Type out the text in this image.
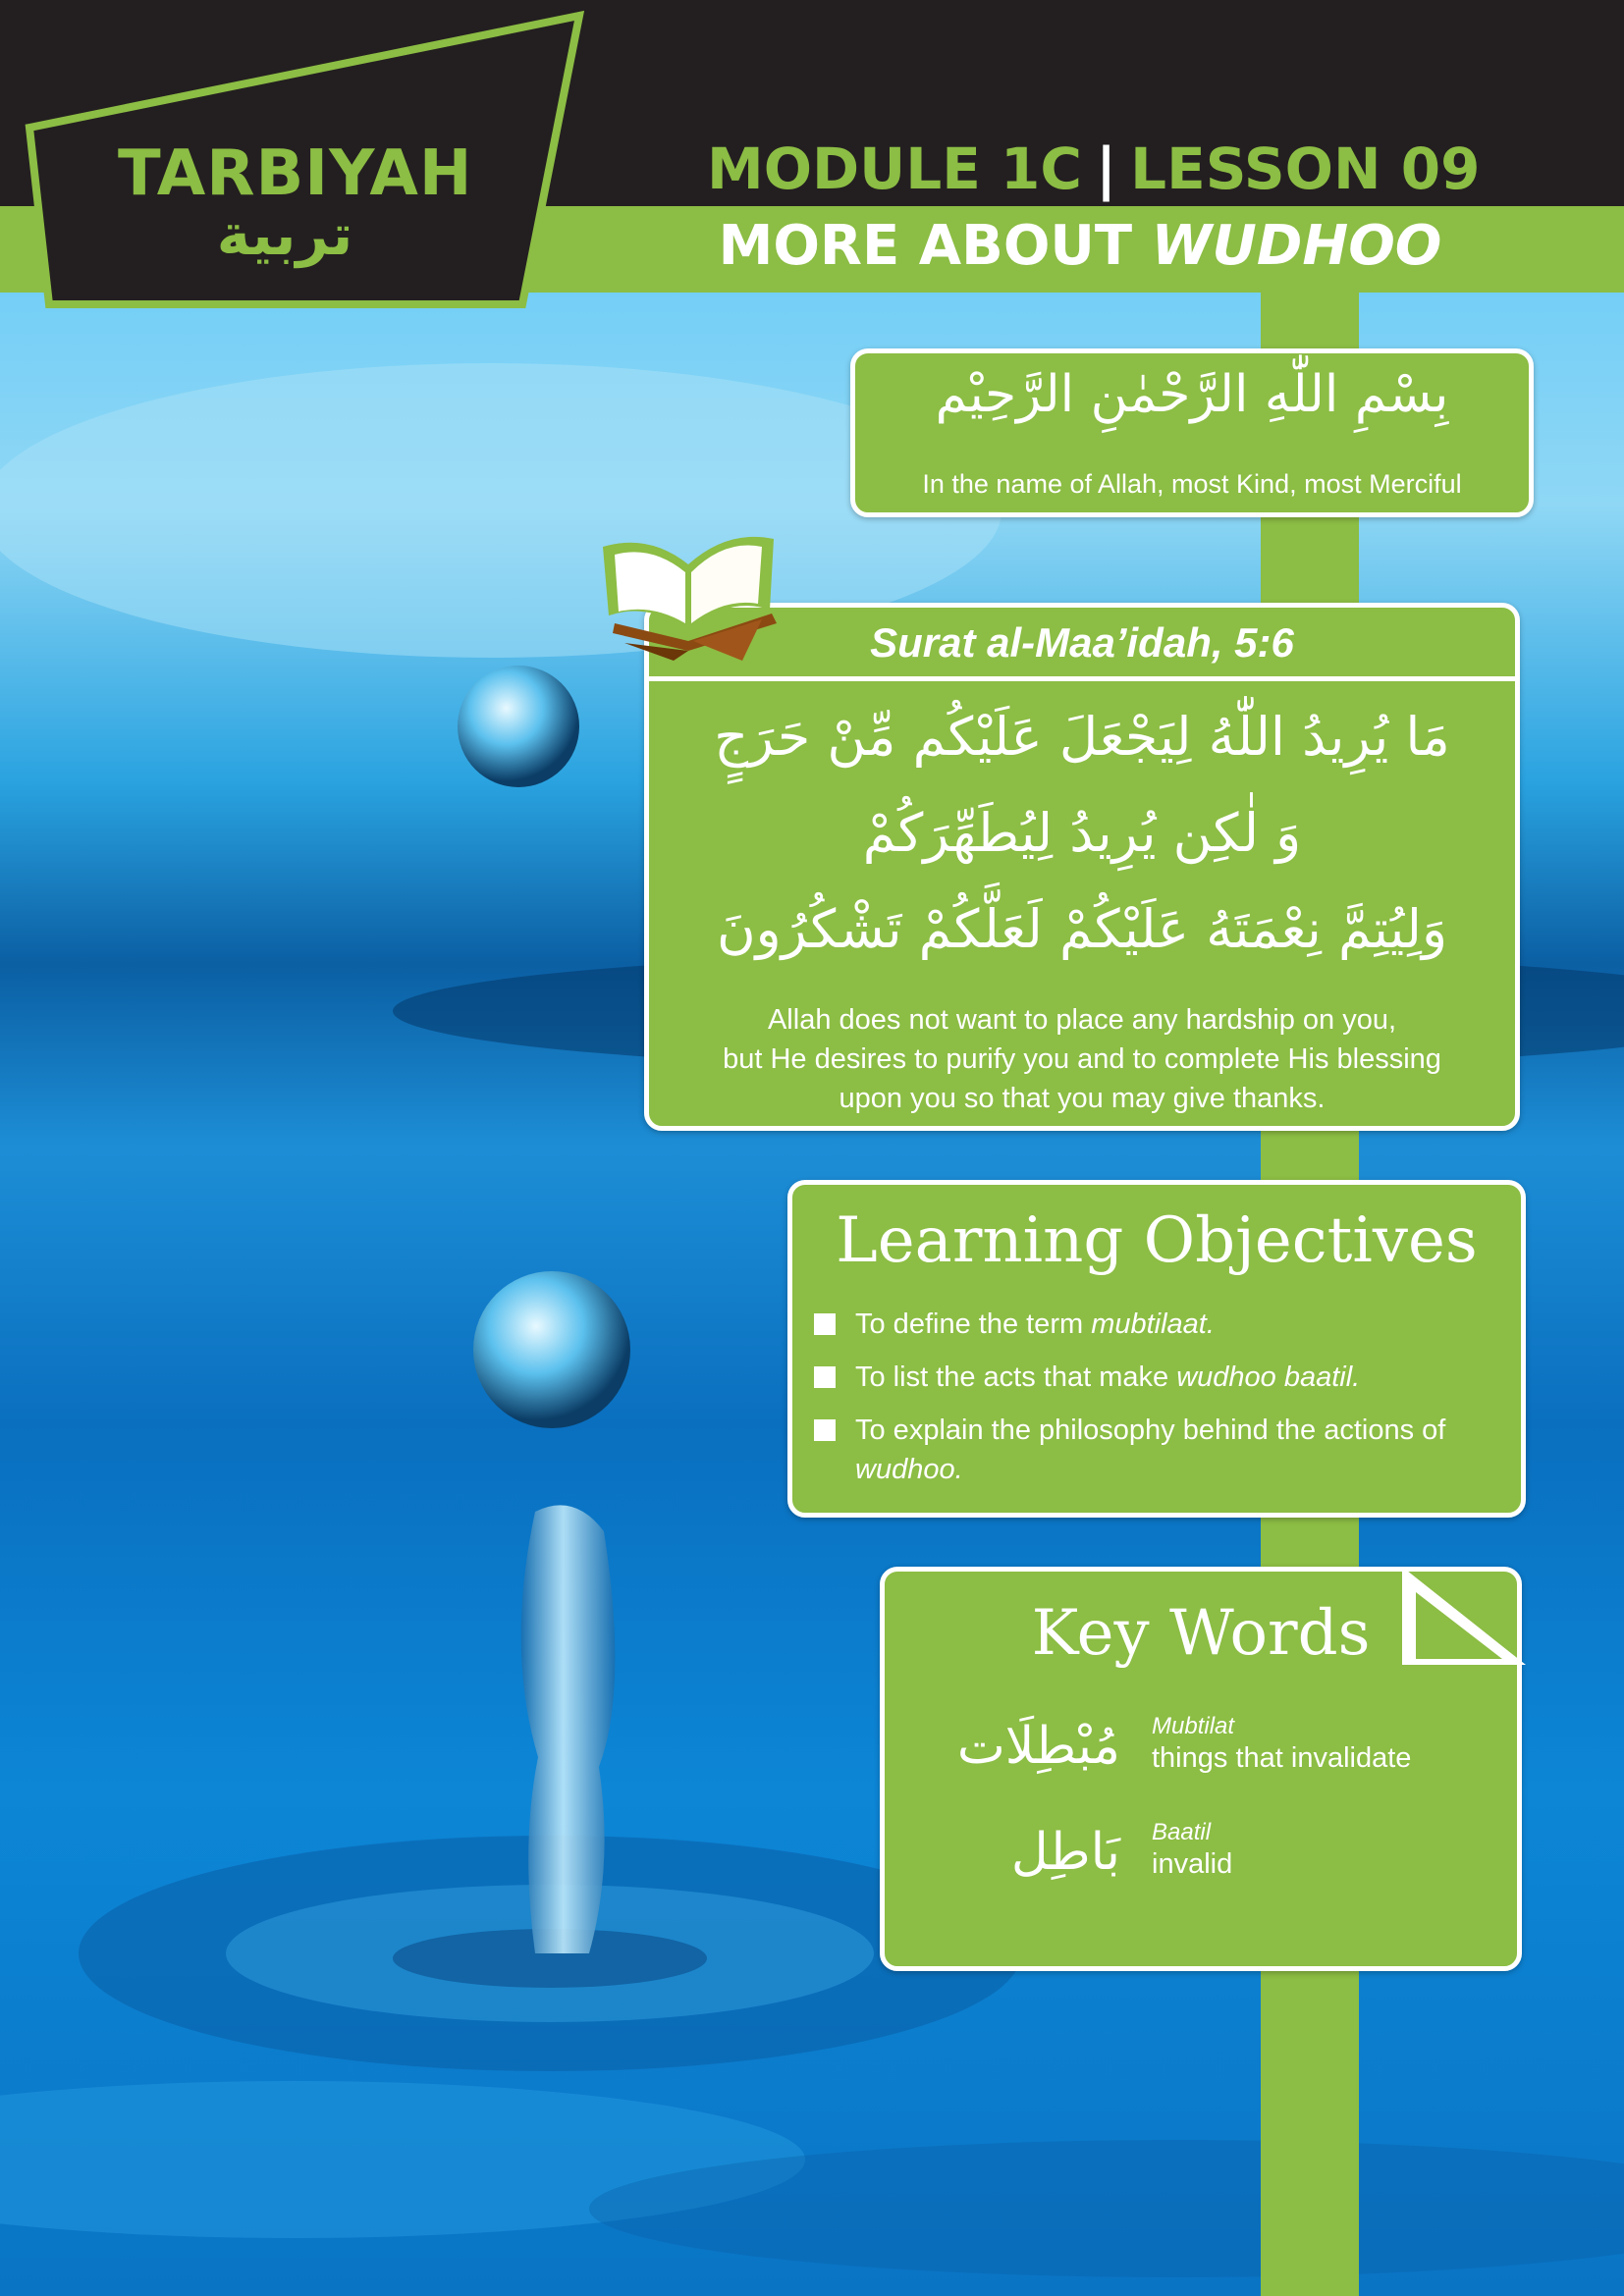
TARBIYAH
تربية
MODULE 1C | LESSON 09
MORE ABOUT WUDHOO
بِسْمِ اللّٰهِ الرَّحْمٰنِ الرَّحِيْم
In the name of Allah, most Kind, most Merciful
Surat al-Maa’idah, 5:6
مَا يُرِيدُ اللّٰهُ لِيَجْعَلَ عَلَيْكُم مِّنْ حَرَجٍ
وَ لٰكِن يُرِيدُ لِيُطَهِّرَكُمْ
وَلِيُتِمَّ نِعْمَتَهُ عَلَيْكُمْ لَعَلَّكُمْ تَشْكُرُونَ
Allah does not want to place any hardship on you,
but He desires to purify you and to complete His blessing
upon you so that you may give thanks.
Learning Objectives
To define the term mubtilaat.
To list the acts that make wudhoo baatil.
To explain the philosophy behind the actions of wudhoo.
Key Words
مُبْطِلَات Mubtilat
things that invalidate
بَاطِل Baatil
invalid
